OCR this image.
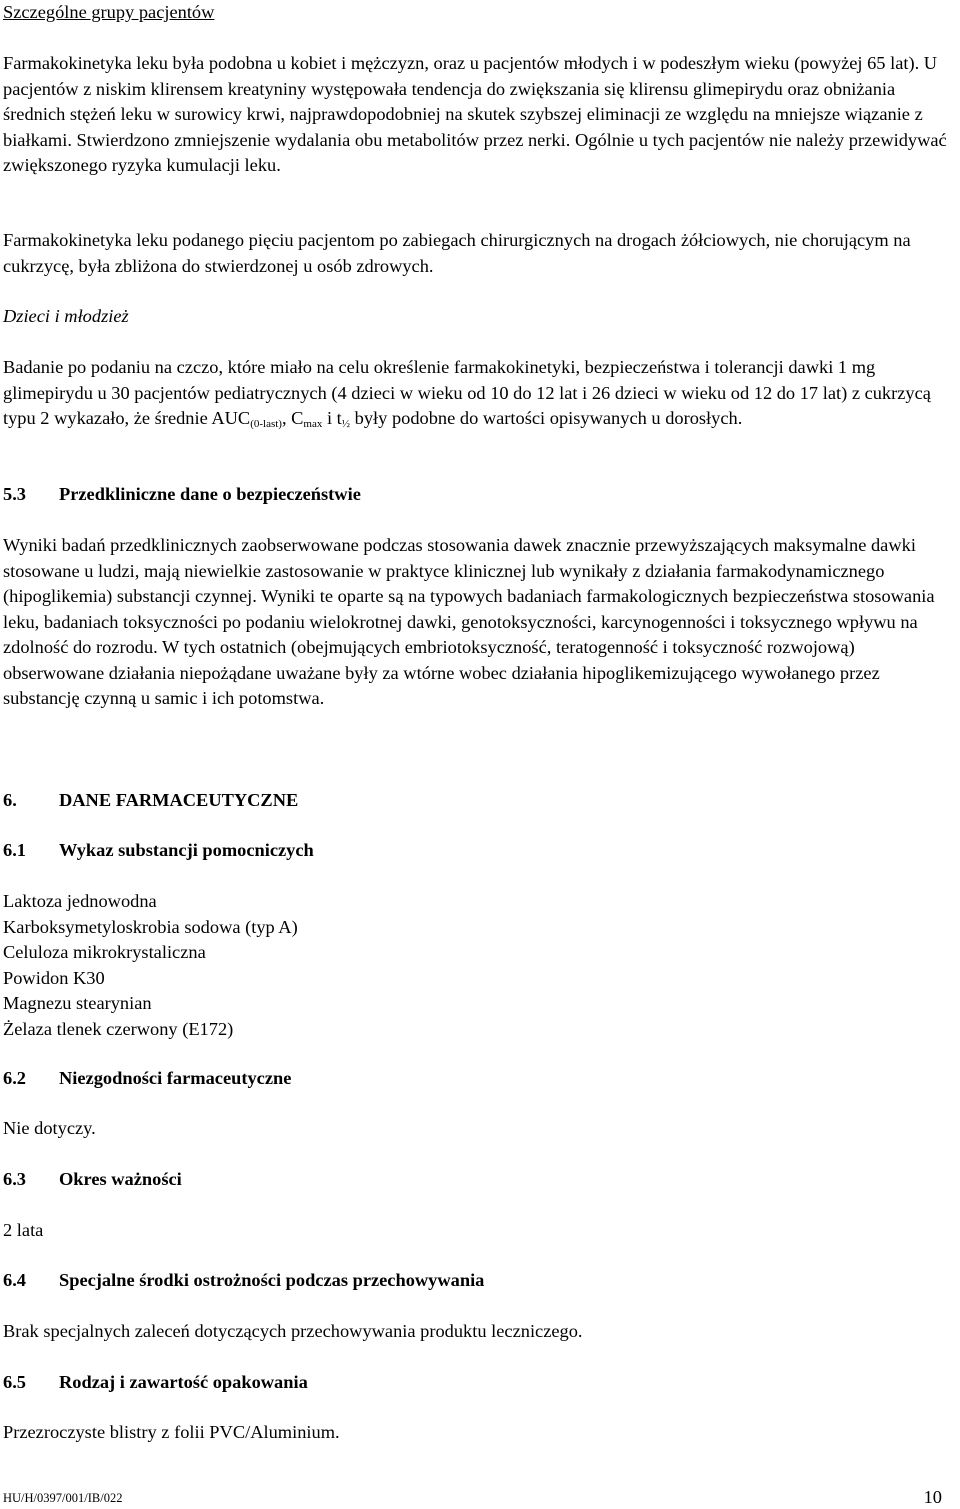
Szczególne grupy pacjentów

Farmakokinetyka leku była podobna u kobiet i mężczyzn, oraz u pacjentów młodych i w podeszłym wieku (powyżej 65 lat). U pacjentów z niskim klirensem kreatyniny występowała tendencja do zwiększania się klirensu glimepirydu oraz obniżania średnich stężeń leku w surowicy krwi, najprawdopodobniej na skutek szybszej eliminacji ze względu na mniejsze wiązanie z białkami. Stwierdzono zmniejszenie wydalania obu metabolitów przez nerki. Ogólnie u tych pacjentów nie należy przewidywać zwiększonego ryzyka kumulacji leku.

Farmakokinetyka leku podanego pięciu pacjentom po zabiegach chirurgicznych na drogach żółciowych, nie chorującym na cukrzycę, była zbliżona do stwierdzonej u osób zdrowych.

Dzieci i młodzież

Badanie po podaniu na czczo, które miało na celu określenie farmakokinetyki, bezpieczeństwa i tolerancji dawki 1 mg glimepirydu u 30 pacjentów pediatrycznych (4 dzieci w wieku od 10 do 12 lat i 26 dzieci w wieku od 12 do 17 lat) z cukrzycą typu 2 wykazało, że średnie $AUC_{(0-last)}$, $C_{max}$ i $t_{\frac{1}{2}}$ były podobne do wartości opisywanych u dorosłych.

5.3	Przedkliniczne dane o bezpieczeństwie

Wyniki badań przedklinicznych zaobserwowane podczas stosowania dawek znacznie przewyższających maksymalne dawki stosowane u ludzi, mają niewielkie zastosowanie w praktyce klinicznej lub wynikały z działania farmakodynamicznego (hipoglikemia) substancji czynnej. Wyniki te oparte są na typowych badaniach farmakologicznych bezpieczeństwa stosowania leku, badaniach toksyczności po podaniu wielokrotnej dawki, genotoksyczności, karcynogenności i toksycznego wpływu na zdolność do rozrodu. W tych ostatnich (obejmujących embriotoksyczność, teratogenność i toksyczność rozwojową) obserwowane działania niepożądane uważane były za wtórne wobec działania hipoglikemizującego wywołanego przez substancję czynną u samic i ich potomstwa.

6.	DANE FARMACEUTYCZNE

6.1	Wykaz substancji pomocniczych

Laktoza jednowodna
Karboksymetyloskrobia sodowa (typ A)
Celuloza mikrokrystaliczna
Powidon K30
Magnezu stearynian
Żelaza tlenek czerwony (E172)

6.2	Niezgodności farmaceutyczne

Nie dotyczy.

6.3	Okres ważności

2 lata

6.4	Specjalne środki ostrożności podczas przechowywania

Brak specjalnych zaleceń dotyczących przechowywania produktu leczniczego.

6.5	Rodzaj i zawartość opakowania

Przezroczyste blistry z folii PVC/Aluminium.

HU/H/0397/001/IB/022	10
